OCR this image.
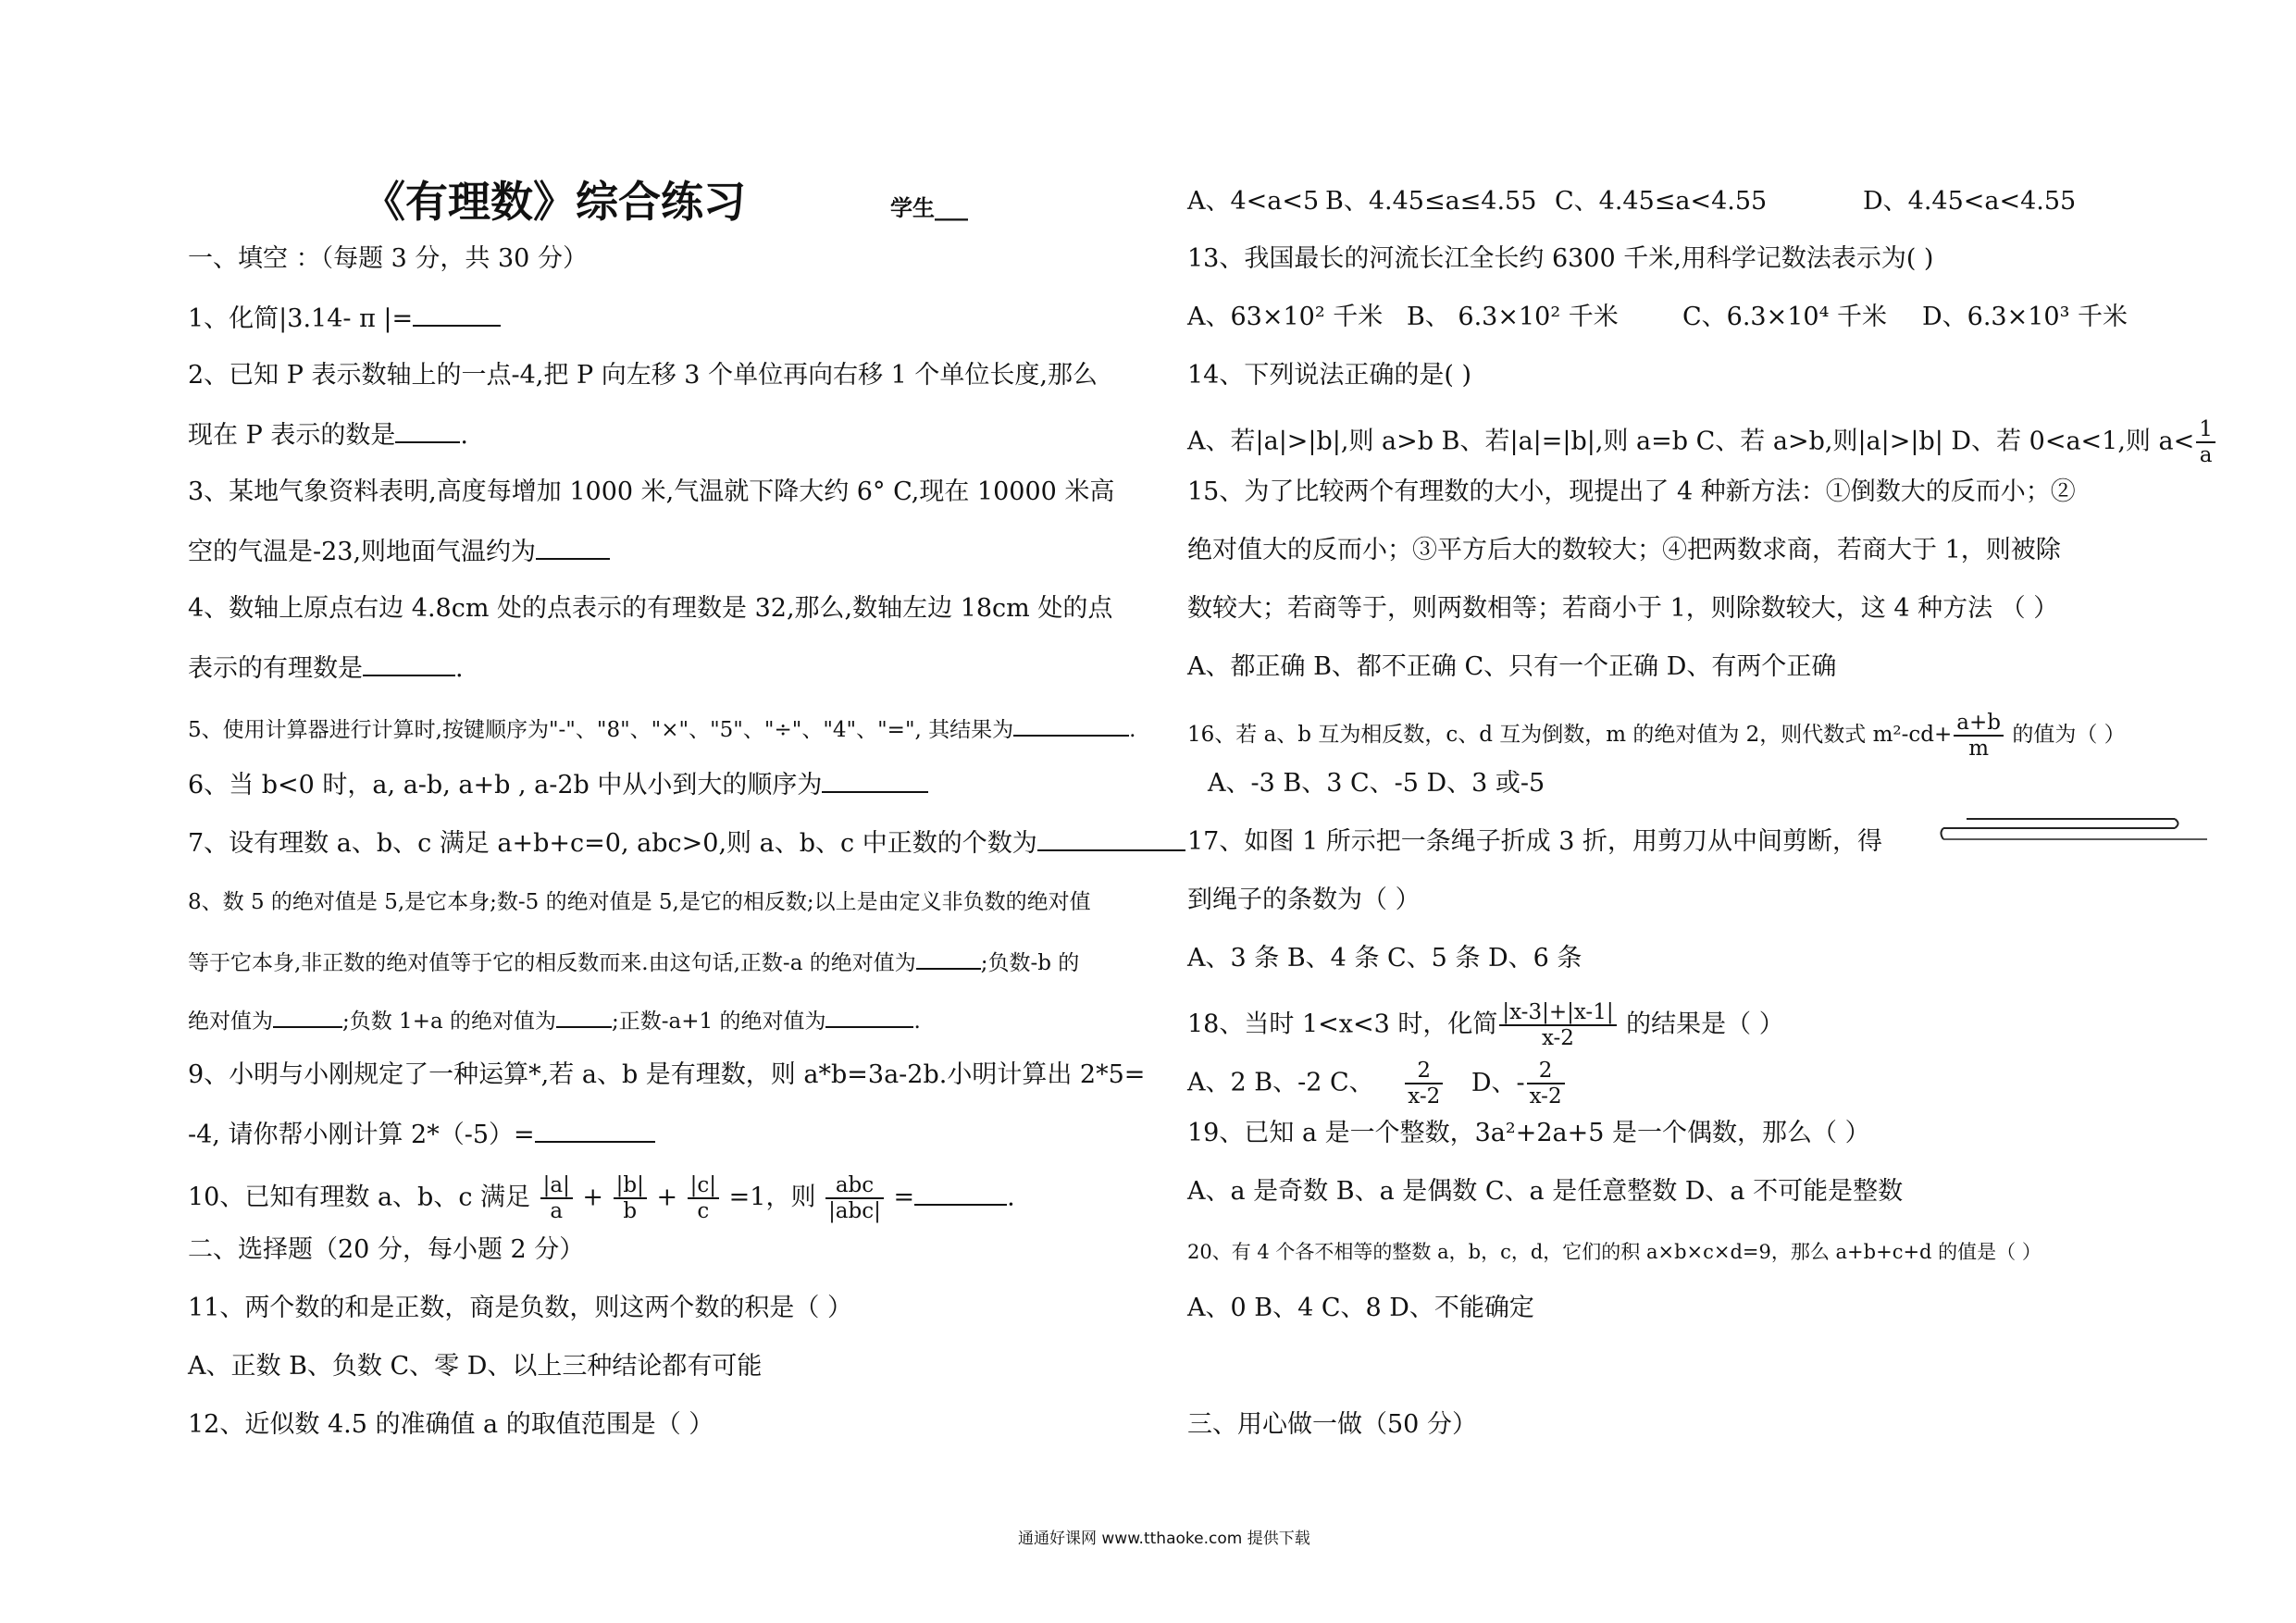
《有理数》综合练习	学生___
一、填空 ：（每题 3 分，共 30 分）
1、化简|3.14- π |=
2、已知 P 表示数轴上的一点-4,把 P 向左移 3 个单位再向右移 1 个单位长度,那么
现在 P 表示的数是	.
3、某地气象资料表明,高度每增加 1000 米,气温就下降大约 6° C,现在 10000 米高
空的气温是-23,则地面气温约为
4、数轴上原点右边 4.8cm 处的点表示的有理数是 32,那么,数轴左边 18cm 处的点
表示的有理数是	.
5、使用计算器进行计算时,按键顺序为"-"、"8"、"×"、"5"、"÷"、"4"、"=", 其结果为	.
6、当 b<0 时，a, a-b, a+b , a-2b 中从小到大的顺序为
7、设有理数 a、b、c 满足 a+b+c=0, abc>0,则 a、b、c 中正数的个数为
8、数 5 的绝对值是 5,是它本身;数-5 的绝对值是 5,是它的相反数;以上是由定义非负数的绝对值
等于它本身,非正数的绝对值等于它的相反数而来.由这句话,正数-a 的绝对值为	;负数-b 的
绝对值为	;负数 1+a 的绝对值为	;正数-a+1 的绝对值为	.
9、小明与小刚规定了一种运算*,若 a、b 是有理数，则 a*b=3a-2b.小明计算出 2*5=
-4, 请你帮小刚计算 2*（-5）=
10、已知有理数 a、b、c 满足 $\frac{|a|}{a} + \frac{|b|}{b} + \frac{|c|}{c} =1$，则 $\frac{\text{abc}}{\text{|abc|}}$ =	.
二、选择题（20 分，每小题 2 分）
11、两个数的和是正数，商是负数，则这两个数的积是（ ）
A、正数 B、负数 C、零 D、以上三种结论都有可能
12、近似数 4.5 的准确值 a 的取值范围是（ ）
A、4<a<5 B、4.45≤a≤4.55 C、4.45≤a<4.55	D、4.45<a<4.55
13、我国最长的河流长江全长约 6300 千米,用科学记数法表示为( )
A、63×10² 千米 B、 6.3×10² 千米	C、6.3×10⁴ 千米 D、6.3×10³ 千米
14、下列说法正确的是( )
A、若|a|>|b|,则 a>b B、若|a|=|b|,则 a=b C、若 a>b,则|a|>|b| D、若 0<a<1,则 $a< \frac{1}{a}$
15、为了比较两个有理数的大小，现提出了 4 种新方法：①倒数大的反而小；②
绝对值大的反而小；③平方后大的数较大；④把两数求商，若商大于 1，则被除
数较大；若商等于，则两数相等；若商小于 1，则除数较大，这 4 种方法 （ ）
A、都正确 B、都不正确 C、只有一个正确 D、有两个正确
16、若 a、b 互为相反数，c、d 互为倒数，m 的绝对值为 2，则代数式 $m^2-cd+ \frac{a+b}{m}$ 的值为（ ）
A、-3 B、3 C、-5 D、3 或-5
17、如图 1 所示把一条绳子折成 3 折，用剪刀从中间剪断，得
到绳子的条数为（ ）
A、3 条 B、4 条 C、5 条 D、6 条
18、当时 1<x<3 时，化简 $\frac{|x-3|+|x-1|}{x-2}$ 的结果是（ ）
A、2 B、-2 C、 $\frac{2}{x-2}$ D、- $\frac{2}{x-2}$
19、已知 a 是一个整数，3a²+2a+5 是一个偶数，那么（ ）
A、a 是奇数 B、a 是偶数 C、a 是任意整数 D、a 不可能是整数
20、有 4 个各不相等的整数 a，b，c，d，它们的积 a×b×c×d=9，那么 a+b+c+d 的值是（ ）
A、0 B、4 C、8 D、不能确定
三、用心做一做（50 分）
通通好课网 www.tthaoke.com 提供下载
